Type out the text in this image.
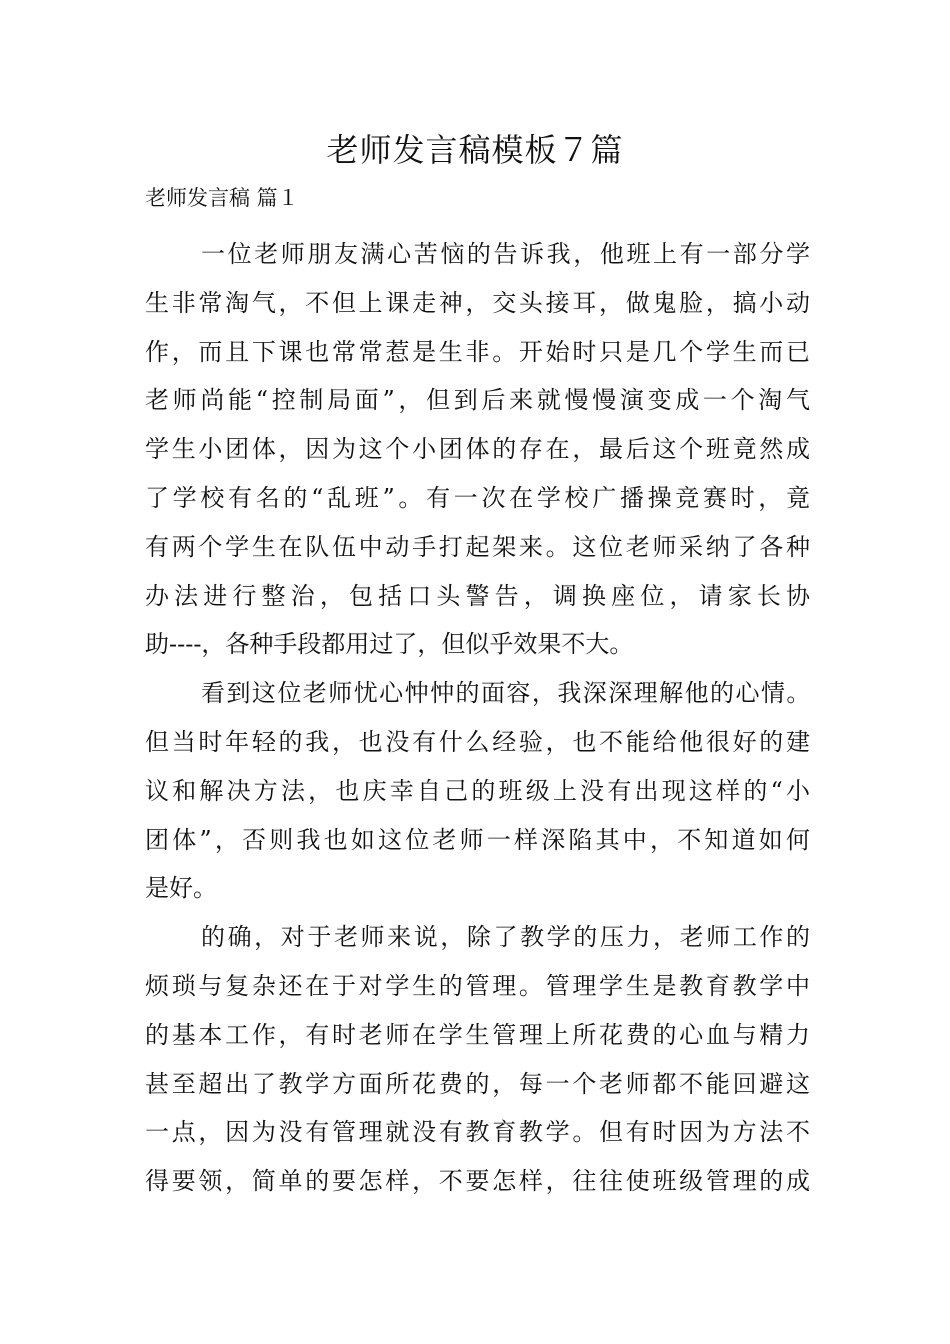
老师发言稿模板７篇

老师发言稿 篇１

一位老师朋友满心苦恼的告诉我，他班上有一部分学
生非常淘气，不但上课走神，交头接耳，做鬼脸，搞小动
作，而且下课也常常惹是生非。开始时只是几个学生而已
老师尚能“控制局面”，但到后来就慢慢演变成一个淘气
学生小团体，因为这个小团体的存在，最后这个班竟然成
了学校有名的“乱班”。有一次在学校广播操竞赛时，竟
有两个学生在队伍中动手打起架来。这位老师采纳了各种
办法进行整治，包括口头警告，调换座位，请家长协
助----，各种手段都用过了，但似乎效果不大。
看到这位老师忧心忡忡的面容，我深深理解他的心情。
但当时年轻的我，也没有什么经验，也不能给他很好的建
议和解决方法，也庆幸自己的班级上没有出现这样的“小
团体”，否则我也如这位老师一样深陷其中，不知道如何
是好。
的确，对于老师来说，除了教学的压力，老师工作的
烦琐与复杂还在于对学生的管理。管理学生是教育教学中
的基本工作，有时老师在学生管理上所花费的心血与精力
甚至超出了教学方面所花费的，每一个老师都不能回避这
一点，因为没有管理就没有教育教学。但有时因为方法不
得要领，简单的要怎样，不要怎样，往往使班级管理的成
